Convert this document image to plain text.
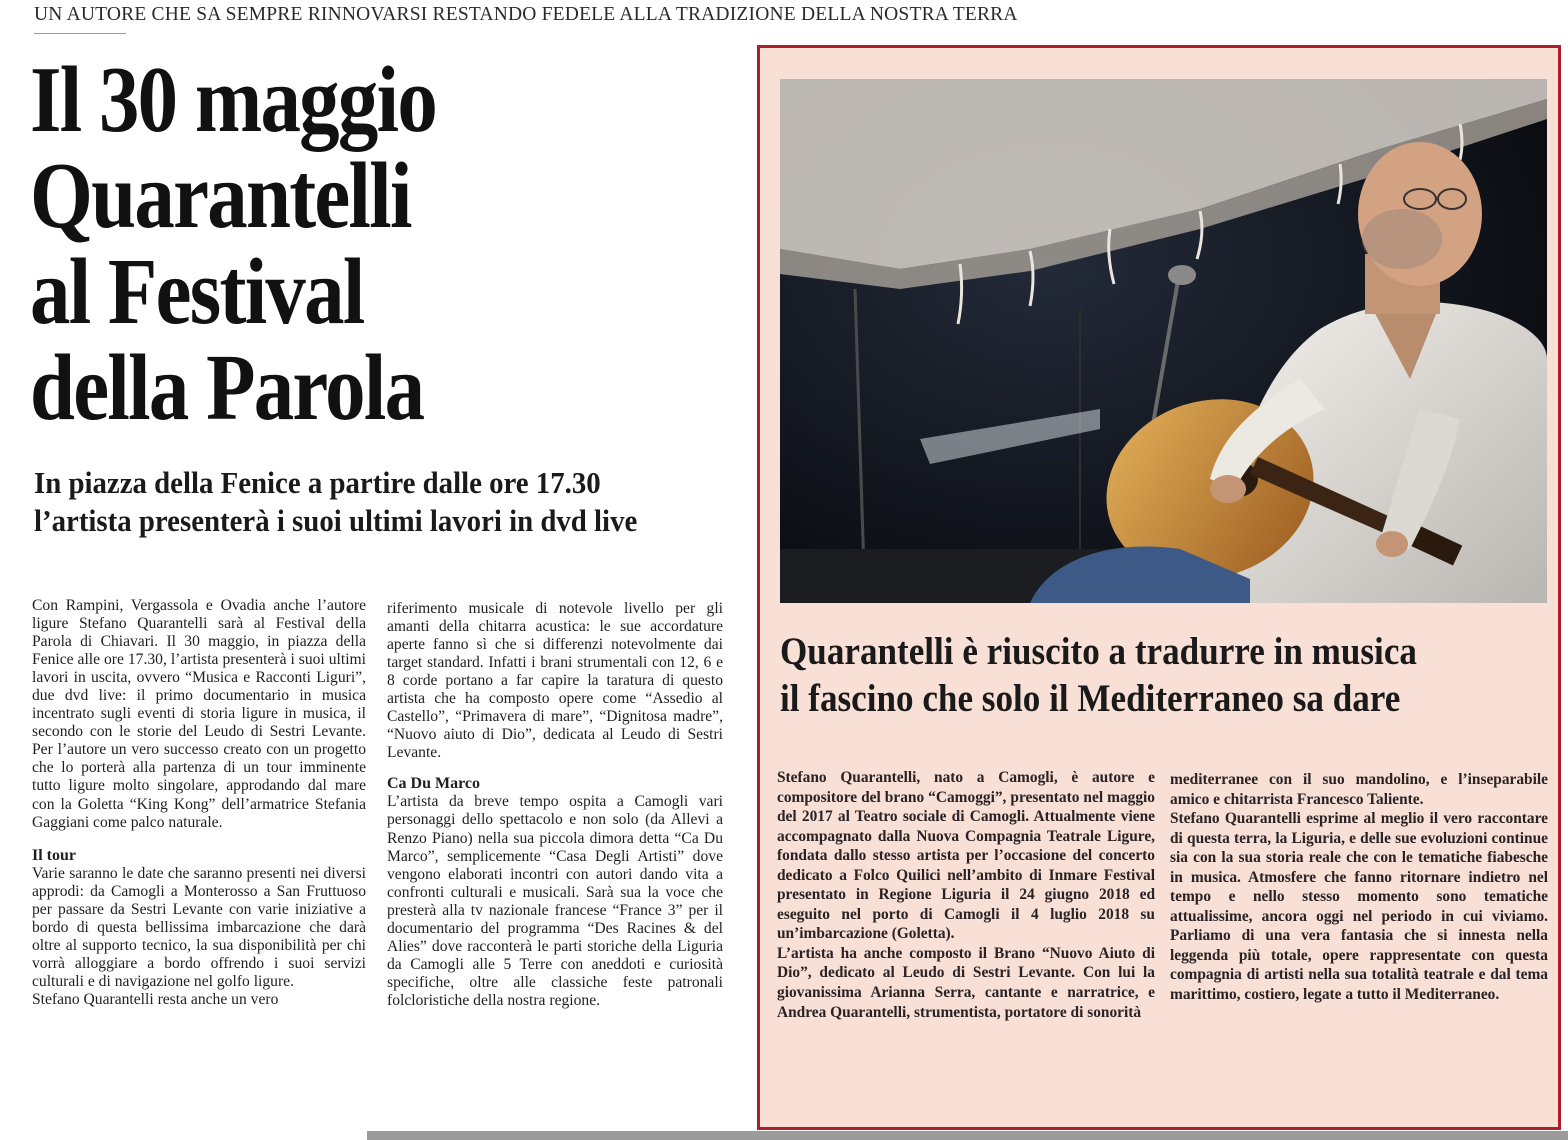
UN AUTORE CHE SA SEMPRE RINNOVARSI RESTANDO FEDELE ALLA TRADIZIONE DELLA NOSTRA TERRA
Il 30 maggio
Quarantelli
al Festival
della Parola
In piazza della Fenice a partire dalle ore 17.30
l’artista presenterà i suoi ultimi lavori in dvd live

Con Rampini, Vergassola e Ovadia anche l’autore ligure Stefano Quarantelli sarà al Festival della Parola di Chiavari. Il 30 maggio, in piazza della Fenice alle ore 17.30, l’artista presenterà i suoi ultimi lavori in uscita, ovvero “Musica e Racconti Liguri”, due dvd live: il primo documentario in musica incentrato sugli eventi di storia ligure in musica, il secondo con le storie del Leudo di Sestri Levante. Per l’autore un vero successo creato con un progetto che lo porterà alla partenza di un tour imminente tutto ligure molto singolare, approdando dal mare con la Goletta “King Kong” dell’armatrice Stefania Gaggiani come palco naturale.

Il tour

Varie saranno le date che saranno presenti nei diversi approdi: da Camogli a Monterosso a San Fruttuoso per passare da Sestri Levante con varie iniziative a bordo di questa bellissima imbarcazione che darà oltre al supporto tecnico, la sua disponibilità per chi vorrà alloggiare a bordo offrendo i suoi servizi culturali e di navigazione nel golfo ligure.

Stefano Quarantelli resta anche un vero

riferimento musicale di notevole livello per gli amanti della chitarra acustica: le sue accordature aperte fanno sì che si differenzi notevolmente dai target standard. Infatti i brani strumentali con 12, 6 e 8 corde portano a far capire la taratura di questo artista che ha composto opere come “Assedio al Castello”, “Primavera di mare”, “Dignitosa madre”, “Nuovo aiuto di Dio”, dedicata al Leudo di Sestri Levante.

Ca Du Marco

L’artista da breve tempo ospita a Camogli vari personaggi dello spettacolo e non solo (da Allevi a Renzo Piano) nella sua piccola dimora detta “Ca Du Marco”, semplicemente “Casa Degli Artisti” dove vengono elaborati incontri con autori dando vita a confronti culturali e musicali. Sarà sua la voce che presterà alla tv nazionale francese “France 3” per il documentario del programma “Des Racines & del Alies” dove racconterà le parti storiche della Liguria da Camogli alle 5 Terre con aneddoti e curiosità specifiche, oltre alle classiche feste patronali folcloristiche della nostra regione.

Quarantelli è riuscito a tradurre in musica
il fascino che solo il Mediterraneo sa dare

Stefano Quarantelli, nato a Camogli, è autore e compositore del brano “Camoggi”, presentato nel maggio del 2017 al Teatro sociale di Camogli. Attualmente viene accompagnato dalla Nuova Compagnia Teatrale Ligure, fondata dallo stesso artista per l’occasione del concerto dedicato a Folco Quilici nell’ambito di Inmare Festival presentato in Regione Liguria il 24 giugno 2018 ed eseguito nel porto di Camogli il 4 luglio 2018 su un’imbarcazione (Goletta).

L’artista ha anche composto il Brano “Nuovo Aiuto di Dio”, dedicato al Leudo di Sestri Levante. Con lui la giovanissima Arianna Serra, cantante e narratrice, e Andrea Quarantelli, strumentista, portatore di sonorità

mediterranee con il suo mandolino, e l’inseparabile amico e chitarrista Francesco Taliente.

Stefano Quarantelli esprime al meglio il vero raccontare di questa terra, la Liguria, e delle sue evoluzioni continue sia con la sua storia reale che con le tematiche fiabesche in musica. Atmosfere che fanno ritornare indietro nel tempo e nello stesso momento sono tematiche attualissime, ancora oggi nel periodo in cui viviamo. Parliamo di una vera fantasia che si innesta nella leggenda più totale, opere rappresentate con questa compagnia di artisti nella sua totalità teatrale e dal tema marittimo, costiero, legate a tutto il Mediterraneo.
